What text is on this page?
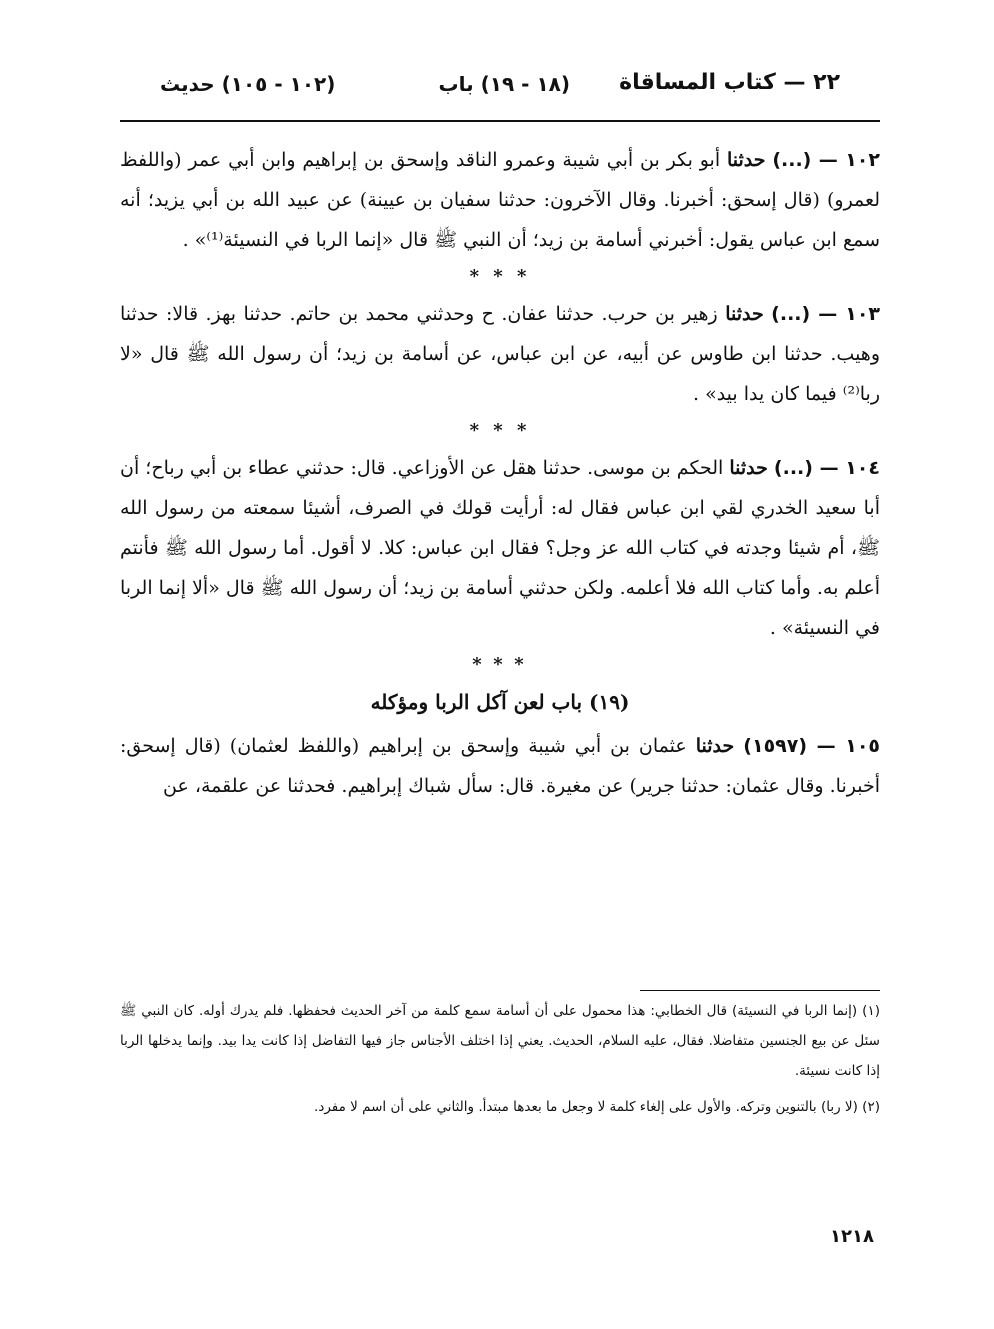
٢٢ — كتاب المساقاة
(١٨ - ١٩) باب
(١٠٢ - ١٠٥) حديث

١٠٢ — (...) حدثنا أبو بكر بن أبي شيبة وعمرو الناقد وإسحق بن إبراهيم وابن أبي عمر (واللفظ لعمرو) (قال إسحق: أخبرنا. وقال الآخرون: حدثنا سفيان بن عيينة) عن عبيد الله بن أبي يزيد؛ أنه سمع ابن عباس يقول: أخبرني أسامة بن زيد؛ أن النبي ﷺ قال «إنما الربا في النسيئة⁽¹⁾» .

* * *

١٠٣ — (...) حدثنا زهير بن حرب. حدثنا عفان. ح وحدثني محمد بن حاتم. حدثنا بهز. قالا: حدثنا وهيب. حدثنا ابن طاوس عن أبيه، عن ابن عباس، عن أسامة بن زيد؛ أن رسول الله ﷺ قال «لا ربا⁽²⁾ فيما كان يدا بيد» .

* * *

١٠٤ — (...) حدثنا الحكم بن موسى. حدثنا هقل عن الأوزاعي. قال: حدثني عطاء بن أبي رباح؛ أن أبا سعيد الخدري لقي ابن عباس فقال له: أرأيت قولك في الصرف، أشيئا سمعته من رسول الله ﷺ، أم شيئا وجدته في كتاب الله عز وجل؟ فقال ابن عباس: كلا. لا أقول. أما رسول الله ﷺ فأنتم أعلم به. وأما كتاب الله فلا أعلمه. ولكن حدثني أسامة بن زيد؛ أن رسول الله ﷺ قال «ألا إنما الربا في النسيئة» .

* * *
(١٩) باب لعن آكل الربا ومؤكله

١٠٥ — (١٥٩٧) حدثنا عثمان بن أبي شيبة وإسحق بن إبراهيم (واللفظ لعثمان) (قال إسحق: أخبرنا. وقال عثمان: حدثنا جرير) عن مغيرة. قال: سأل شباك إبراهيم. فحدثنا عن علقمة، عن

(١) (إنما الربا في النسيئة) قال الخطابي: هذا محمول على أن أسامة سمع كلمة من آخر الحديث فحفظها. فلم يدرك أوله. كان النبي ﷺ سئل عن بيع الجنسين متفاضلا. فقال، عليه السلام، الحديث. يعني إذا اختلف الأجناس جاز فيها التفاضل إذا كانت يدا بيد. وإنما يدخلها الربا إذا كانت نسيئة.

(٢) (لا ربا) بالتنوين وتركه. والأول على إلغاء كلمة لا وجعل ما بعدها مبتدأ. والثاني على أن اسم لا مفرد.

١٢١٨
